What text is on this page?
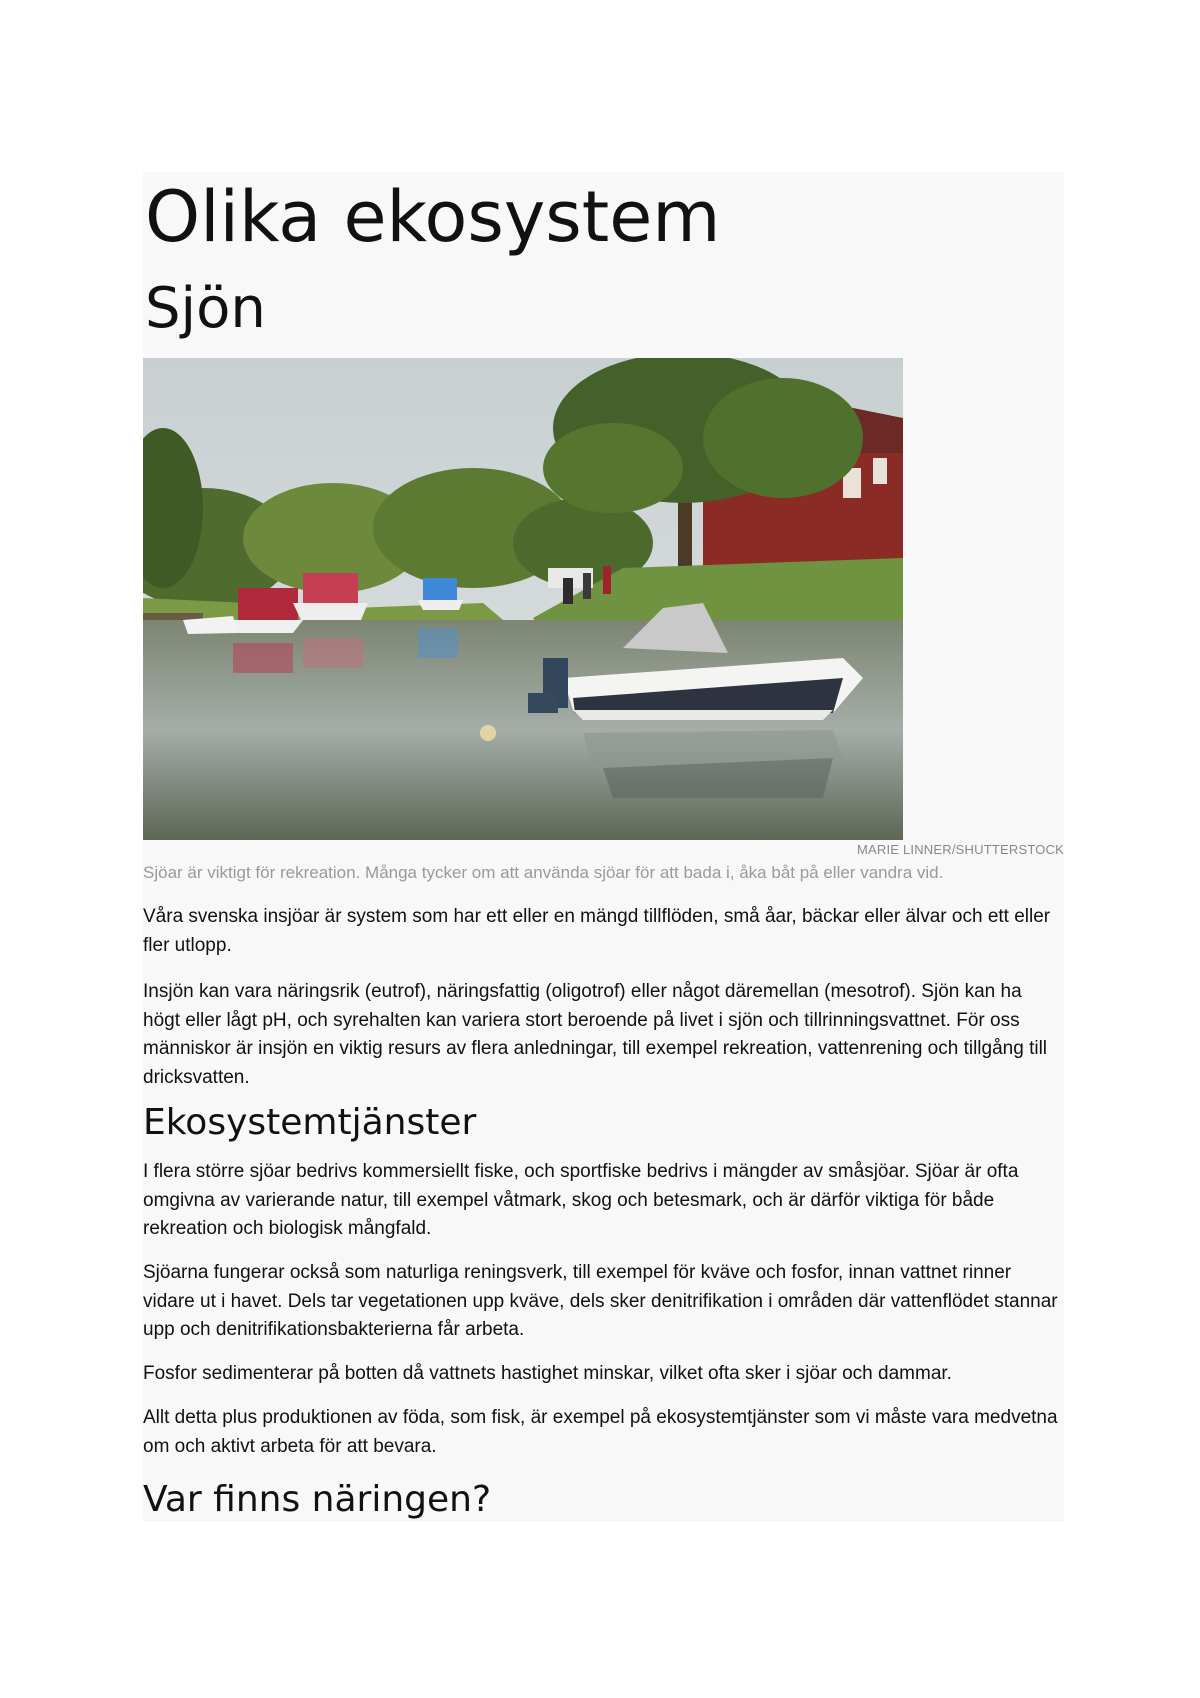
Olika ekosystem
Sjön
MARIE LINNER/SHUTTERSTOCK
Sjöar är viktigt för rekreation. Många tycker om att använda sjöar för att bada i, åka båt på eller vandra vid.

Våra svenska insjöar är system som har ett eller en mängd tillflöden, små åar, bäckar eller älvar och ett eller fler utlopp.

Insjön kan vara näringsrik (eutrof), näringsfattig (oligotrof) eller något däremellan (mesotrof). Sjön kan ha högt eller lågt pH, och syrehalten kan variera stort beroende på livet i sjön och tillrinningsvattnet. För oss människor är insjön en viktig resurs av flera anledningar, till exempel rekreation, vattenrening och tillgång till dricksvatten.

Ekosystemtjänster

I flera större sjöar bedrivs kommersiellt fiske, och sportfiske bedrivs i mängder av småsjöar. Sjöar är ofta omgivna av varierande natur, till exempel våtmark, skog och betesmark, och är därför viktiga för både rekreation och biologisk mångfald.

Sjöarna fungerar också som naturliga reningsverk, till exempel för kväve och fosfor, innan vattnet rinner vidare ut i havet. Dels tar vegetationen upp kväve, dels sker denitrifikation i områden där vattenflödet stannar upp och denitrifikationsbakterierna får arbeta.

Fosfor sedimenterar på botten då vattnets hastighet minskar, vilket ofta sker i sjöar och dammar.

Allt detta plus produktionen av föda, som fisk, är exempel på ekosystemtjänster som vi måste vara medvetna om och aktivt arbeta för att bevara.

Var finns näringen?
